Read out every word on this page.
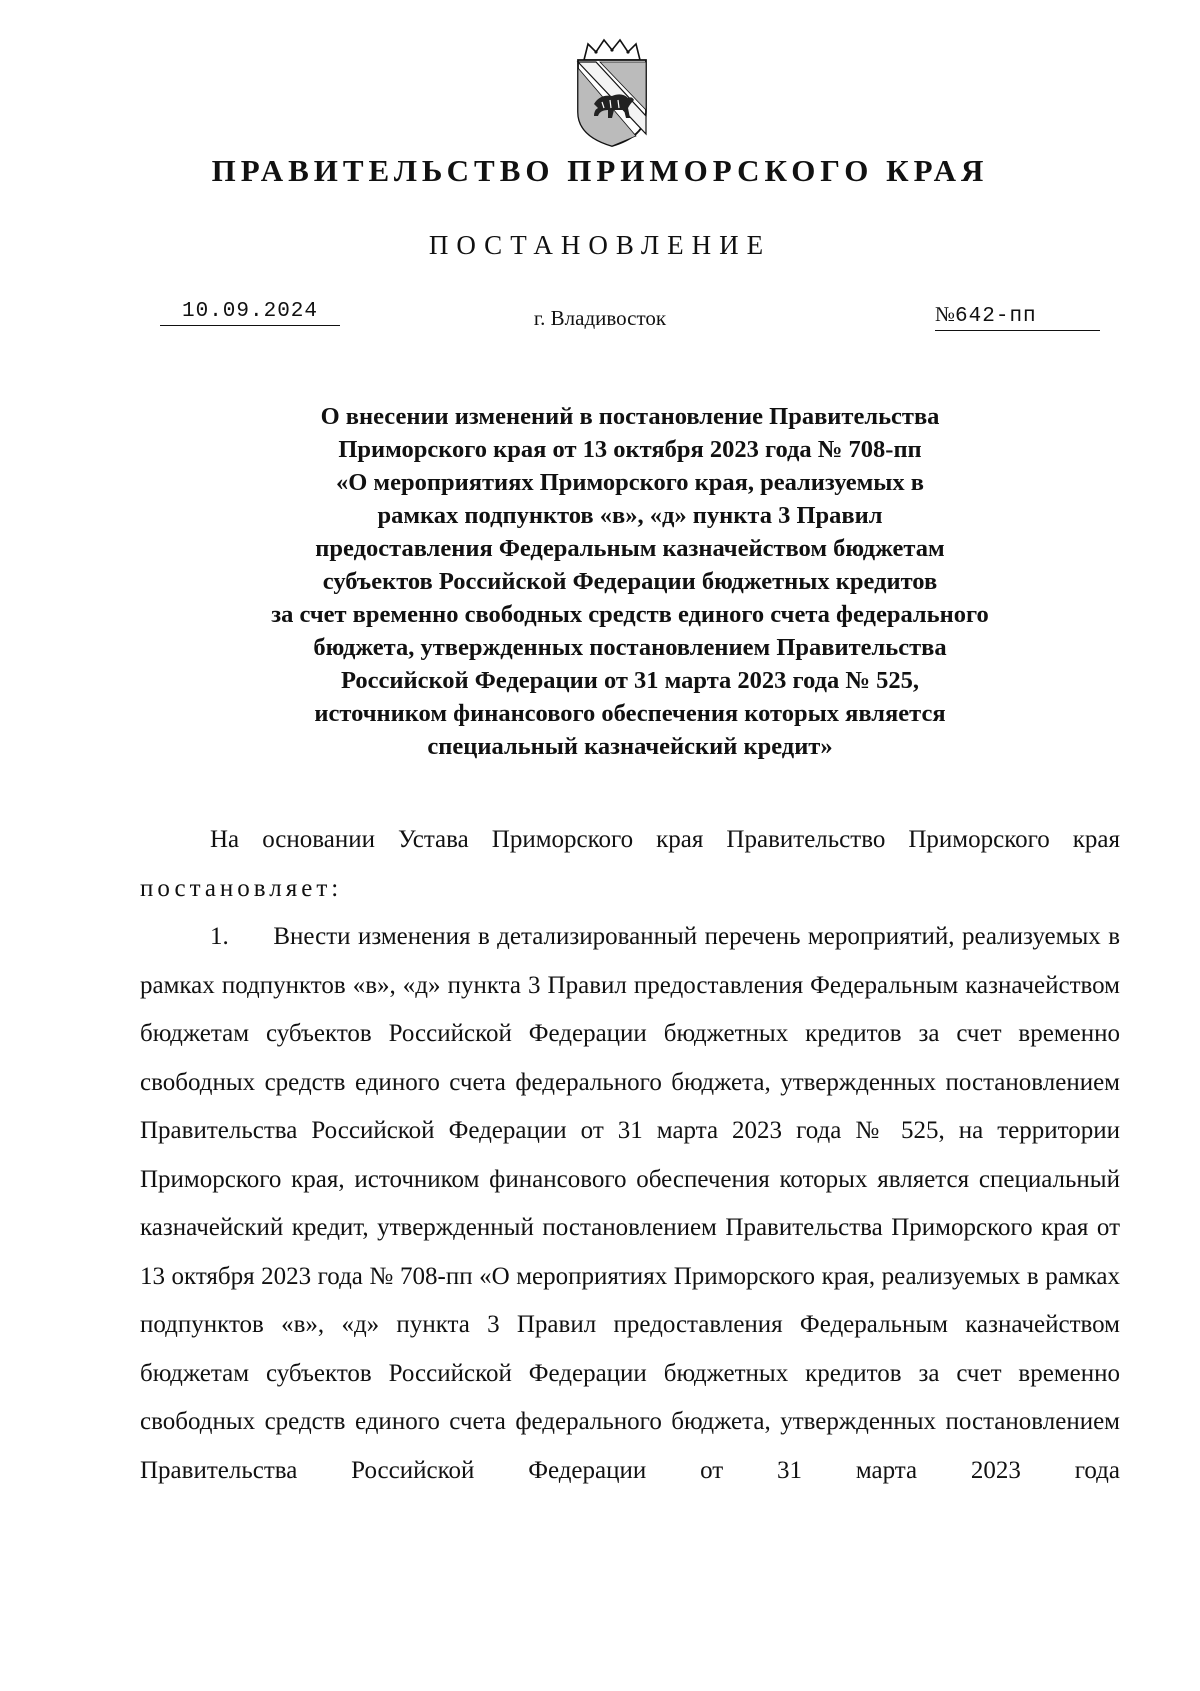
ПРАВИТЕЛЬСТВО ПРИМОРСКОГО КРАЯ
ПОСТАНОВЛЕНИЕ
10.09.2024	г. Владивосток	№642-пп
О внесении изменений в постановление Правительства
Приморского края от 13 октября 2023 года № 708-пп
«О мероприятиях Приморского края, реализуемых в
рамках подпунктов «в», «д» пункта 3 Правил
предоставления Федеральным казначейством бюджетам
субъектов Российской Федерации бюджетных кредитов
за счет временно свободных средств единого счета федерального
бюджета, утвержденных постановлением Правительства
Российской Федерации от 31 марта 2023 года № 525,
источником финансового обеспечения которых является
специальный казначейский кредит»

На основании Устава Приморского края Правительство Приморского края постановляет:

1. Внести изменения в детализированный перечень мероприятий, реализуемых в рамках подпунктов «в», «д» пункта 3 Правил предоставления Федеральным казначейством бюджетам субъектов Российской Федерации бюджетных кредитов за счет временно свободных средств единого счета федерального бюджета, утвержденных постановлением Правительства Российской Федерации от 31 марта 2023 года № 525, на территории Приморского края, источником финансового обеспечения которых является специальный казначейский кредит, утвержденный постановлением Правительства Приморского края от 13 октября 2023 года № 708-пп «О мероприятиях Приморского края, реализуемых в рамках подпунктов «в», «д» пункта 3 Правил предоставления Федеральным казначейством бюджетам субъектов Российской Федерации бюджетных кредитов за счет временно свободных средств единого счета федерального бюджета, утвержденных постановлением Правительства Российской Федерации от 31 марта 2023 года
